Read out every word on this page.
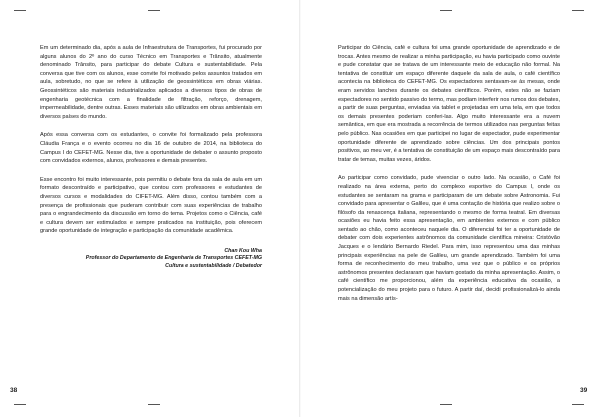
Em um determinado dia, após a aula de Infraestrutura de Transportes, fui procurado por alguns alunos do 2º ano do curso Técnico em Transportes e Trânsito, atualmente denominado Trânsito, para participar do debate Cultura e sustentabilidade. Pela conversa que tive com os alunos, esse convite foi motivado pelos assuntos tratados em aula, sobretudo, no que se refere à utilização de geossintéticos em obras viárias. Geossintéticos são materiais industrializados aplicados a diversos tipos de obras de engenharia geotécnica com a finalidade de filtração, reforço, drenagem, impermeabilidade, dentre outras. Esses materiais são utilizados em obras ambientais em diversos países do mundo.

Após essa conversa com os estudantes, o convite foi formalizado pela professora Cláudia França e o evento ocorreu no dia 16 de outubro de 2014, na biblioteca do Campus I do CEFET-MG. Nesse dia, tive a oportunidade de debater o assunto proposto com convidados externos, alunos, professores e demais presentes.

Esse encontro foi muito interessante, pois permitiu o debate fora da sala de aula em um formato descontraído e participativo, que contou com professores e estudantes de diversos cursos e modalidades do CIFET-MG. Além disso, contou também com a presença de profissionais que puderam contribuir com suas experiências de trabalho para o engrandecimento da discussão em torno do tema. Projetos como o Ciência, café e cultura devem ser estimulados e sempre praticados na instituição, pois oferecem grande oportunidade de integração e participação da comunidade acadêmica.

Chan Kou Wha
Professor do Departamento de Engenharia de Transportes CEFET-MG
Cultura e sustentabilidade / Debatedor
38

Participar do Ciência, café e cultura foi uma grande oportunidade de aprendizado e de trocas. Antes mesmo de realizar a minha participação, eu havia participado como ouvinte e pude constatar que se tratava de um interessante meio de educação não formal. Na tentativa de constituir um espaço diferente daquele da sala de aula, o café científico acontecia na biblioteca do CEFET-MG. Os espectadores sentavam-se às mesas, onde eram servidos lanches durante os debates científicos. Porém, estes não se faziam espectadores no sentido passivo do termo, mas podiam interferir nos rumos dos debates, a partir de suas perguntas, enviadas via tablet e projetadas em uma tela, em que todos os demais presentes poderiam conferi-las. Algo muito interessante era a nuvem semântica, em que era mostrada a recorrência de termos utilizados nas perguntas feitas pelo público. Nas ocasiões em que participei no lugar de espectador, pude experimentar oportunidade diferente de aprendizado sobre ciências. Um dos principais pontos positivos, ao meu ver, é a tentativa de constituição de um espaço mais descontraído para tratar de temas, muitas vezes, áridos.

Ao participar como convidado, pude vivenciar o outro lado. Na ocasião, o Café foi realizado na área externa, perto do complexo esportivo do Campus I, onde os estudantes se sentaram na grama e participaram de um debate sobre Astronomia. Fui convidado para apresentar o Galileu, que é uma contação de história que realizo sobre o filósofo da renascença italiana, representando o mesmo de forma teatral. Em diversas ocasiões eu havia feito essa apresentação, em ambientes externos e com público sentado ao chão, como aconteceu naquele dia. O diferencial foi ter a oportunidade de debater com dois experientes astrônomos da comunidade científica mineira: Cristóvão Jacques e o lendário Bernardo Riedel. Para mim, isso representou uma das minhas principais experiências na pele de Galileu, um grande aprendizado. Também foi uma forma de reconhecimento do meu trabalho, uma vez que o público e os próprios astrônomos presentes declararam que haviam gostado da minha apresentação. Assim, o café científico me proporcionou, além da experiência educativa da ocasião, a potencialização do meu projeto para o futuro. A partir daí, decidi profissionalizá-lo ainda mais na dimensão artís-

39
